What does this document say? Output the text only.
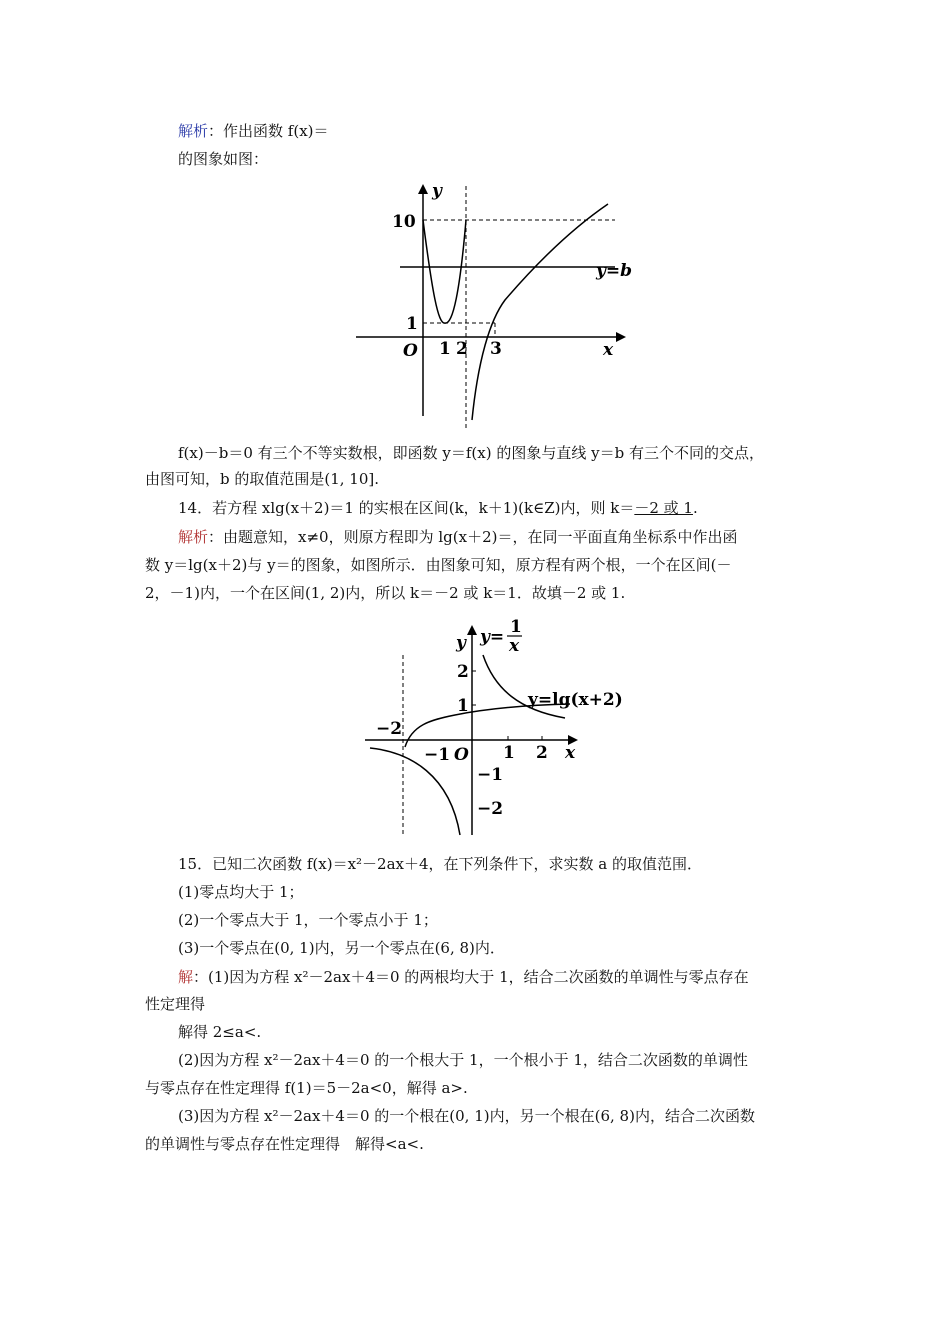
解析：作出函数 f(x)＝
的图象如图：
y
x
O
10
1
1 2 3
y=b
f(x)－b＝0 有三个不等实数根，即函数 y＝f(x) 的图象与直线 y＝b 有三个不同的交点，
由图可知，b 的取值范围是(1, 10].
14．若方程 xlg(x＋2)＝1 的实根在区间(k，k＋1)(k∈Z)内，则 k＝－2 或 1.
解析：由题意知，x≠0，则原方程即为 lg(x＋2)＝，在同一平面直角坐标系中作出函
数 y＝lg(x＋2)与 y＝的图象，如图所示．由图象可知，原方程有两个根，一个在区间(－
2，－1)内，一个在区间(1, 2)内，所以 k＝－2 或 k＝1．故填－2 或 1.
y
x
O
y= 1
x
y=lg(x+2)
−2
−1	1 2
2
1
−1
−2
15．已知二次函数 f(x)＝x²－2ax＋4，在下列条件下，求实数 a 的取值范围．
(1)零点均大于 1；
(2)一个零点大于 1，一个零点小于 1；
(3)一个零点在(0, 1)内，另一个零点在(6, 8)内．
解：(1)因为方程 x²－2ax＋4＝0 的两根均大于 1，结合二次函数的单调性与零点存在
性定理得
解得 2≤a<.
(2)因为方程 x²－2ax＋4＝0 的一个根大于 1，一个根小于 1，结合二次函数的单调性
与零点存在性定理得 f(1)＝5－2a<0，解得 a>.
(3)因为方程 x²－2ax＋4＝0 的一个根在(0, 1)内，另一个根在(6, 8)内，结合二次函数
的单调性与零点存在性定理得　解得<a<.
